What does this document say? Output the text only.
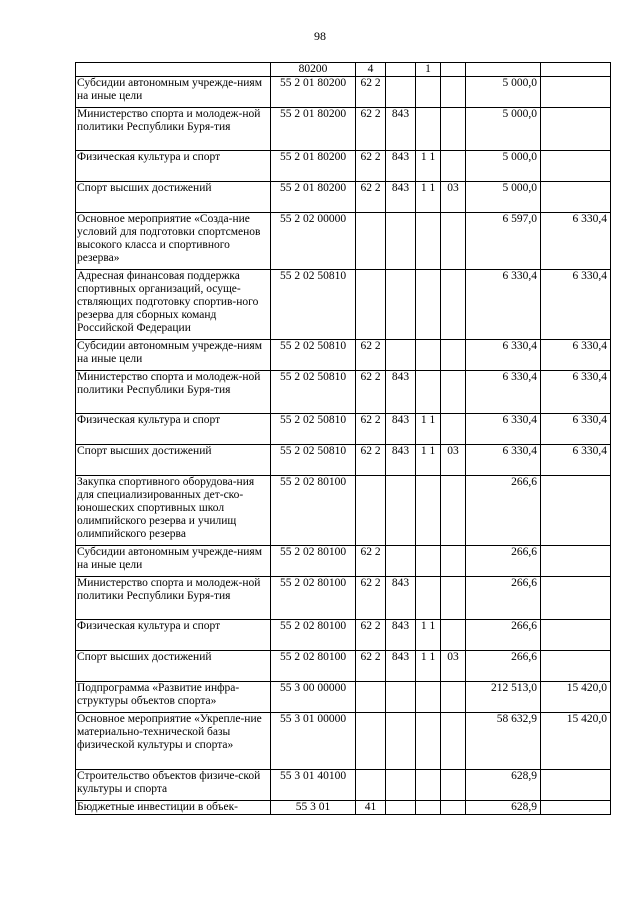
98
	80200	4		1			
Субсидии автономным учрежде-ниям на иные цели	55 2 01 80200	62 2				5 000,0	
Министерство спорта и молодеж-ной политики Республики Буря-тия	55 2 01 80200	62 2	843			5 000,0	
Физическая культура и спорт	55 2 01 80200	62 2	843	1 1		5 000,0	
Спорт высших достижений	55 2 01 80200	62 2	843	1 1	03	5 000,0	
Основное мероприятие «Созда-ние условий для подготовки спортсменов высокого класса и спортивного резерва»	55 2 02 00000					6 597,0	6 330,4
Адресная финансовая поддержка спортивных организаций, осуще-ствляющих подготовку спортив-ного резерва для сборных команд Российской Федерации	55 2 02 50810					6 330,4	6 330,4
Субсидии автономным учрежде-ниям на иные цели	55 2 02 50810	62 2				6 330,4	6 330,4
Министерство спорта и молодеж-ной политики Республики Буря-тия	55 2 02 50810	62 2	843			6 330,4	6 330,4
Физическая культура и спорт	55 2 02 50810	62 2	843	1 1		6 330,4	6 330,4
Спорт высших достижений	55 2 02 50810	62 2	843	1 1	03	6 330,4	6 330,4
Закупка спортивного оборудова-ния для специализированных дет-ско-юношеских спортивных школ олимпийского резерва и училищ олимпийского резерва	55 2 02 80100					266,6	
Субсидии автономным учрежде-ниям на иные цели	55 2 02 80100	62 2				266,6	
Министерство спорта и молодеж-ной политики Республики Буря-тия	55 2 02 80100	62 2	843			266,6	
Физическая культура и спорт	55 2 02 80100	62 2	843	1 1		266,6	
Спорт высших достижений	55 2 02 80100	62 2	843	1 1	03	266,6	
Подпрограмма «Развитие инфра-структуры объектов спорта»	55 3 00 00000					212 513,0	15 420,0
Основное мероприятие «Укрепле-ние материально-технической базы физической культуры и спорта»	55 3 01 00000					58 632,9	15 420,0
Строительство объектов физиче-ской культуры и спорта	55 3 01 40100					628,9	
Бюджетные инвестиции в объек-	55 3 01	41				628,9	
